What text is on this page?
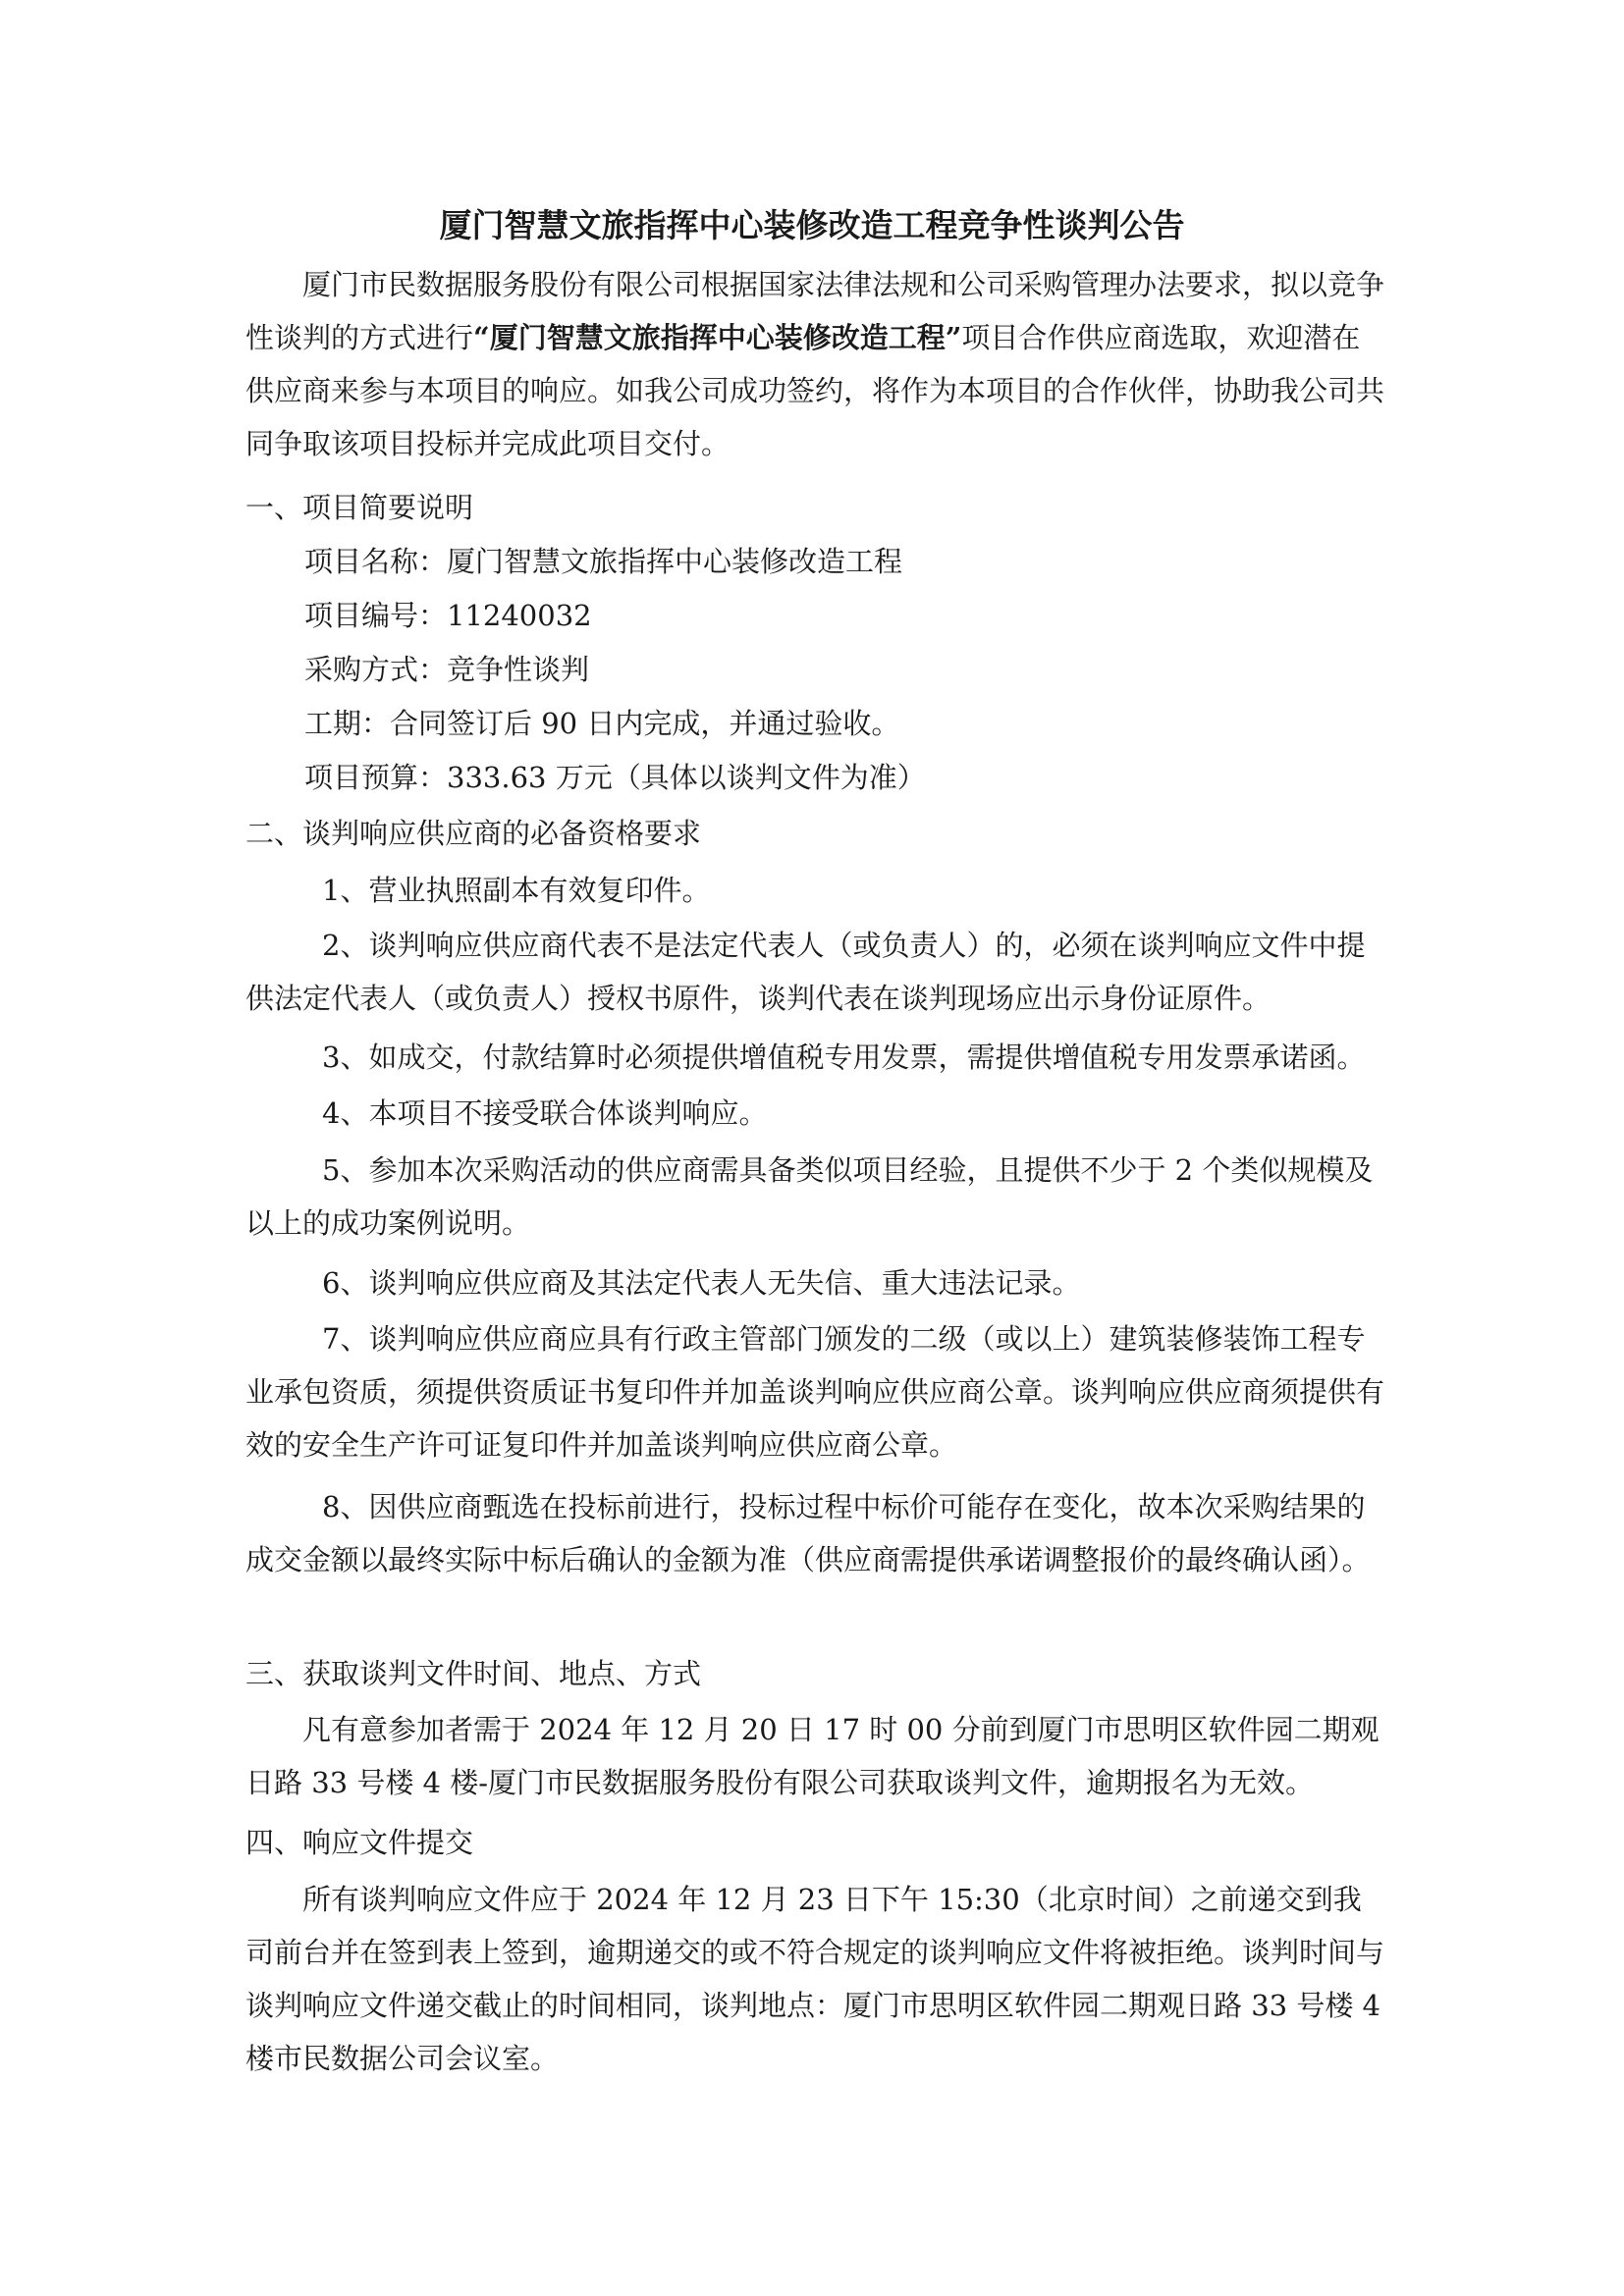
厦门智慧文旅指挥中心装修改造工程竞争性谈判公告

厦门市民数据服务股份有限公司根据国家法律法规和公司采购管理办法要求，拟以竞争性谈判的方式进行“厦门智慧文旅指挥中心装修改造工程”项目合作供应商选取，欢迎潜在供应商来参与本项目的响应。如我公司成功签约，将作为本项目的合作伙伴，协助我公司共同争取该项目投标并完成此项目交付。

一、项目简要说明

项目名称：厦门智慧文旅指挥中心装修改造工程

项目编号：11240032

采购方式：竞争性谈判

工期：合同签订后 90 日内完成，并通过验收。

项目预算：333.63 万元（具体以谈判文件为准）

二、谈判响应供应商的必备资格要求

1、营业执照副本有效复印件。

2、谈判响应供应商代表不是法定代表人（或负责人）的，必须在谈判响应文件中提供法定代表人（或负责人）授权书原件，谈判代表在谈判现场应出示身份证原件。

3、如成交，付款结算时必须提供增值税专用发票，需提供增值税专用发票承诺函。

4、本项目不接受联合体谈判响应。

5、参加本次采购活动的供应商需具备类似项目经验，且提供不少于 2 个类似规模及以上的成功案例说明。

6、谈判响应供应商及其法定代表人无失信、重大违法记录。

7、谈判响应供应商应具有行政主管部门颁发的二级（或以上）建筑装修装饰工程专业承包资质，须提供资质证书复印件并加盖谈判响应供应商公章。谈判响应供应商须提供有效的安全生产许可证复印件并加盖谈判响应供应商公章。

8、因供应商甄选在投标前进行，投标过程中标价可能存在变化，故本次采购结果的成交金额以最终实际中标后确认的金额为准（供应商需提供承诺调整报价的最终确认函）。

三、获取谈判文件时间、地点、方式

凡有意参加者需于 2024 年 12 月 20 日 17 时 00 分前到厦门市思明区软件园二期观日路 33 号楼 4 楼-厦门市民数据服务股份有限公司获取谈判文件，逾期报名为无效。

四、响应文件提交

所有谈判响应文件应于 2024 年 12 月 23 日下午 15:30（北京时间）之前递交到我司前台并在签到表上签到，逾期递交的或不符合规定的谈判响应文件将被拒绝。谈判时间与谈判响应文件递交截止的时间相同，谈判地点：厦门市思明区软件园二期观日路 33 号楼 4 楼市民数据公司会议室。
